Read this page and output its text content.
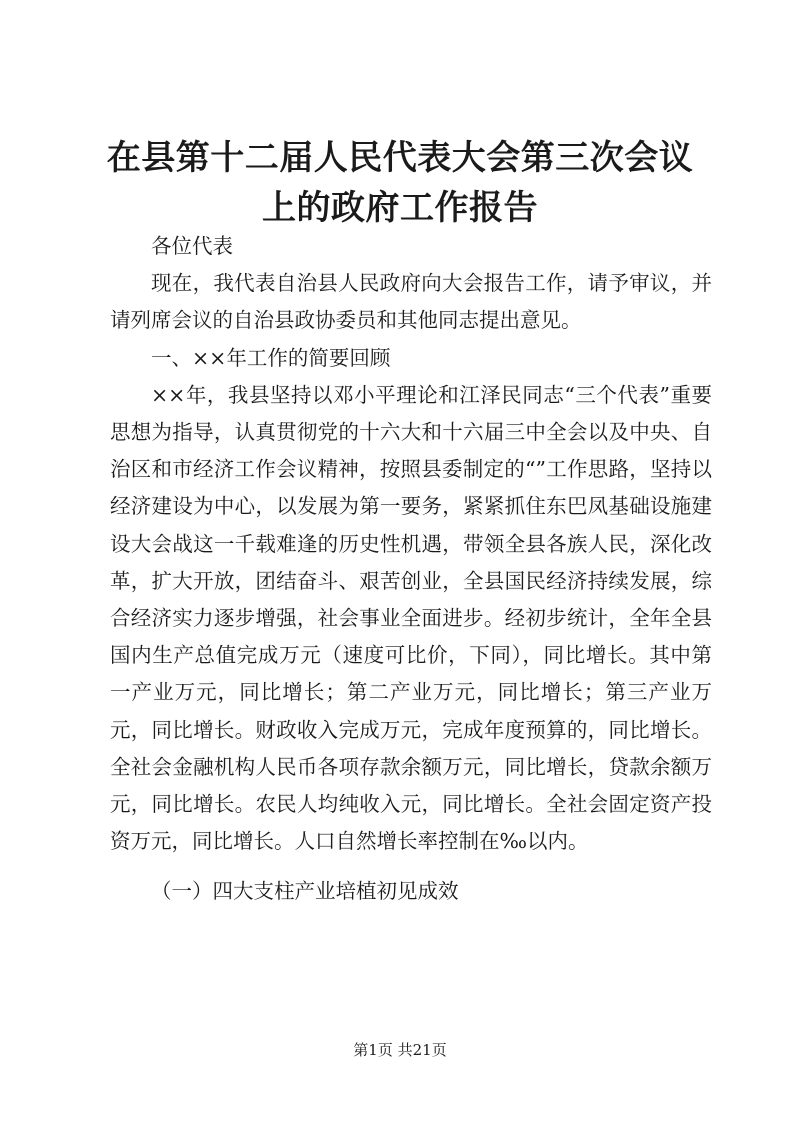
在县第十二届人民代表大会第三次会议上的政府工作报告

各位代表

现在，我代表自治县人民政府向大会报告工作，请予审议，并请列席会议的自治县政协委员和其他同志提出意见。

一、××年工作的简要回顾

××年，我县坚持以邓小平理论和江泽民同志“三个代表”重要思想为指导，认真贯彻党的十六大和十六届三中全会以及中央、自治区和市经济工作会议精神，按照县委制定的“”工作思路，坚持以经济建设为中心，以发展为第一要务，紧紧抓住东巴凤基础设施建设大会战这一千载难逢的历史性机遇，带领全县各族人民，深化改革，扩大开放，团结奋斗、艰苦创业，全县国民经济持续发展，综合经济实力逐步增强，社会事业全面进步。经初步统计，全年全县国内生产总值完成万元（速度可比价，下同），同比增长。其中第一产业万元，同比增长；第二产业万元，同比增长；第三产业万元，同比增长。财政收入完成万元，完成年度预算的，同比增长。全社会金融机构人民币各项存款余额万元，同比增长，贷款余额万元，同比增长。农民人均纯收入元，同比增长。全社会固定资产投资万元，同比增长。人口自然增长率控制在‰以内。

（一）四大支柱产业培植初见成效

第1页 共21页
